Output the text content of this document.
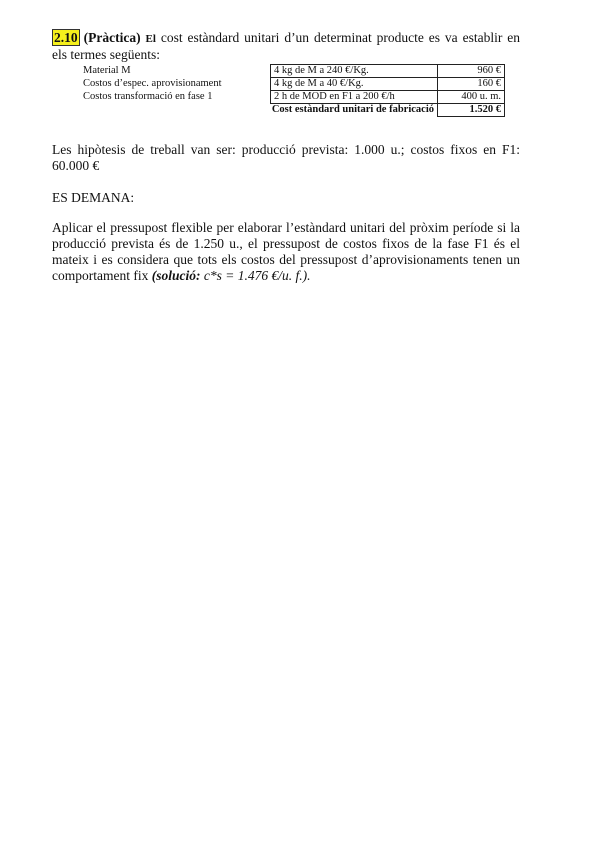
2.10 (Pràctica) El cost estàndard unitari d’un determinat producte es va establir en els termes següents:

Material M	4 kg de M a 240 €/Kg.	960 €
Costos d’espec. aprovisionament	4 kg de M a 40 €/Kg.	160 €
Costos transformació en fase 1	2 h de MOD en F1 a 200 €/h	400 u. m.
Cost estàndard unitari de fabricació		1.520 €

Les hipòtesis de treball van ser: producció prevista: 1.000 u.; costos fixos en F1: 60.000 €

ES DEMANA:

Aplicar el pressupost flexible per elaborar l’estàndard unitari del pròxim període si la producció prevista és de 1.250 u., el pressupost de costos fixos de la fase F1 és el mateix i es considera que tots els costos del pressupost d’aprovisionaments tenen un comportament fix (solució: c*s = 1.476 €/u. f.).
